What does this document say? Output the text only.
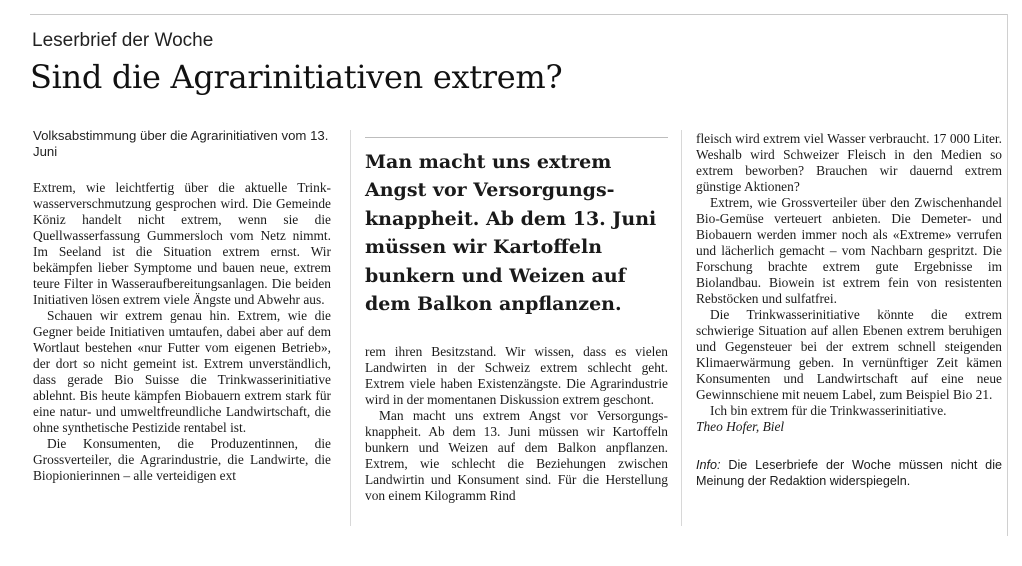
Leserbrief der Woche
Sind die Agrarinitiativen extrem?
Volksabstimmung über die Agrarinitiativen vom 13. Juni

Extrem, wie leichtfertig über die aktuelle Trinkwasserverschmutzung gesprochen wird. Die Gemeinde Köniz handelt nicht extrem, wenn sie die Quellwasserfassung Gummersloch vom Netz nimmt. Im Seeland ist die Situation extrem ernst. Wir bekämpfen lieber Symptome und bauen neue, extrem teure Filter in Wasseraufbereitungsanlagen. Die beiden Initiativen lösen extrem viele Ängste und Abwehr aus.

Schauen wir extrem genau hin. Extrem, wie die Gegner beide Initiativen umtaufen, dabei aber auf dem Wortlaut bestehen «nur Futter vom eigenen Betrieb», der dort so nicht gemeint ist. Extrem unverständlich, dass gerade Bio Suisse die Trinkwasserinitiative ablehnt. Bis heute kämpfen Biobauern extrem stark für eine natur- und umweltfreundliche Landwirtschaft, die ohne synthetische Pestizide rentabel ist.

Die Konsumenten, die Produzentinnen, die Grossverteiler, die Agrarindustrie, die Landwirte, die Biopionierinnen – alle verteidigen ext

Man macht uns extrem Angst vor Versorgungsknappheit. Ab dem 13. Juni müssen wir Kartoffeln bunkern und Weizen auf dem Balkon anpflanzen.

rem ihren Besitzstand. Wir wissen, dass es vielen Landwirten in der Schweiz extrem schlecht geht. Extrem viele haben Existenzängste. Die Agrarindustrie wird in der momentanen Diskussion extrem geschont.

Man macht uns extrem Angst vor Versorgungsknappheit. Ab dem 13. Juni müssen wir Kartoffeln bunkern und Weizen auf dem Balkon anpflanzen. Extrem, wie schlecht die Beziehungen zwischen Landwirtin und Konsument sind. Für die Herstellung von einem Kilogramm Rind

fleisch wird extrem viel Wasser verbraucht. 17 000 Liter. Weshalb wird Schweizer Fleisch in den Medien so extrem beworben? Brauchen wir dauernd extrem günstige Aktionen?

Extrem, wie Grossverteiler über den Zwischenhandel Bio-Gemüse verteuert anbieten. Die Demeter- und Biobauern werden immer noch als «Extreme» verrufen und lächerlich gemacht – vom Nachbarn gespritzt. Die Forschung brachte extrem gute Ergebnisse im Biolandbau. Biowein ist extrem fein von resistenten Rebstöcken und sulfatfrei.

Die Trinkwasserinitiative könnte die extrem schwierige Situation auf allen Ebenen extrem beruhigen und Gegensteuer bei der extrem schnell steigenden Klimaerwärmung geben. In vernünftiger Zeit kämen Konsumenten und Landwirtschaft auf eine neue Gewinnschiene mit neuem Label, zum Beispiel Bio 21.

Ich bin extrem für die Trinkwasserinitiative.

Theo Hofer, Biel

Info: Die Leserbriefe der Woche müssen nicht die Meinung der Redaktion widerspiegeln.
